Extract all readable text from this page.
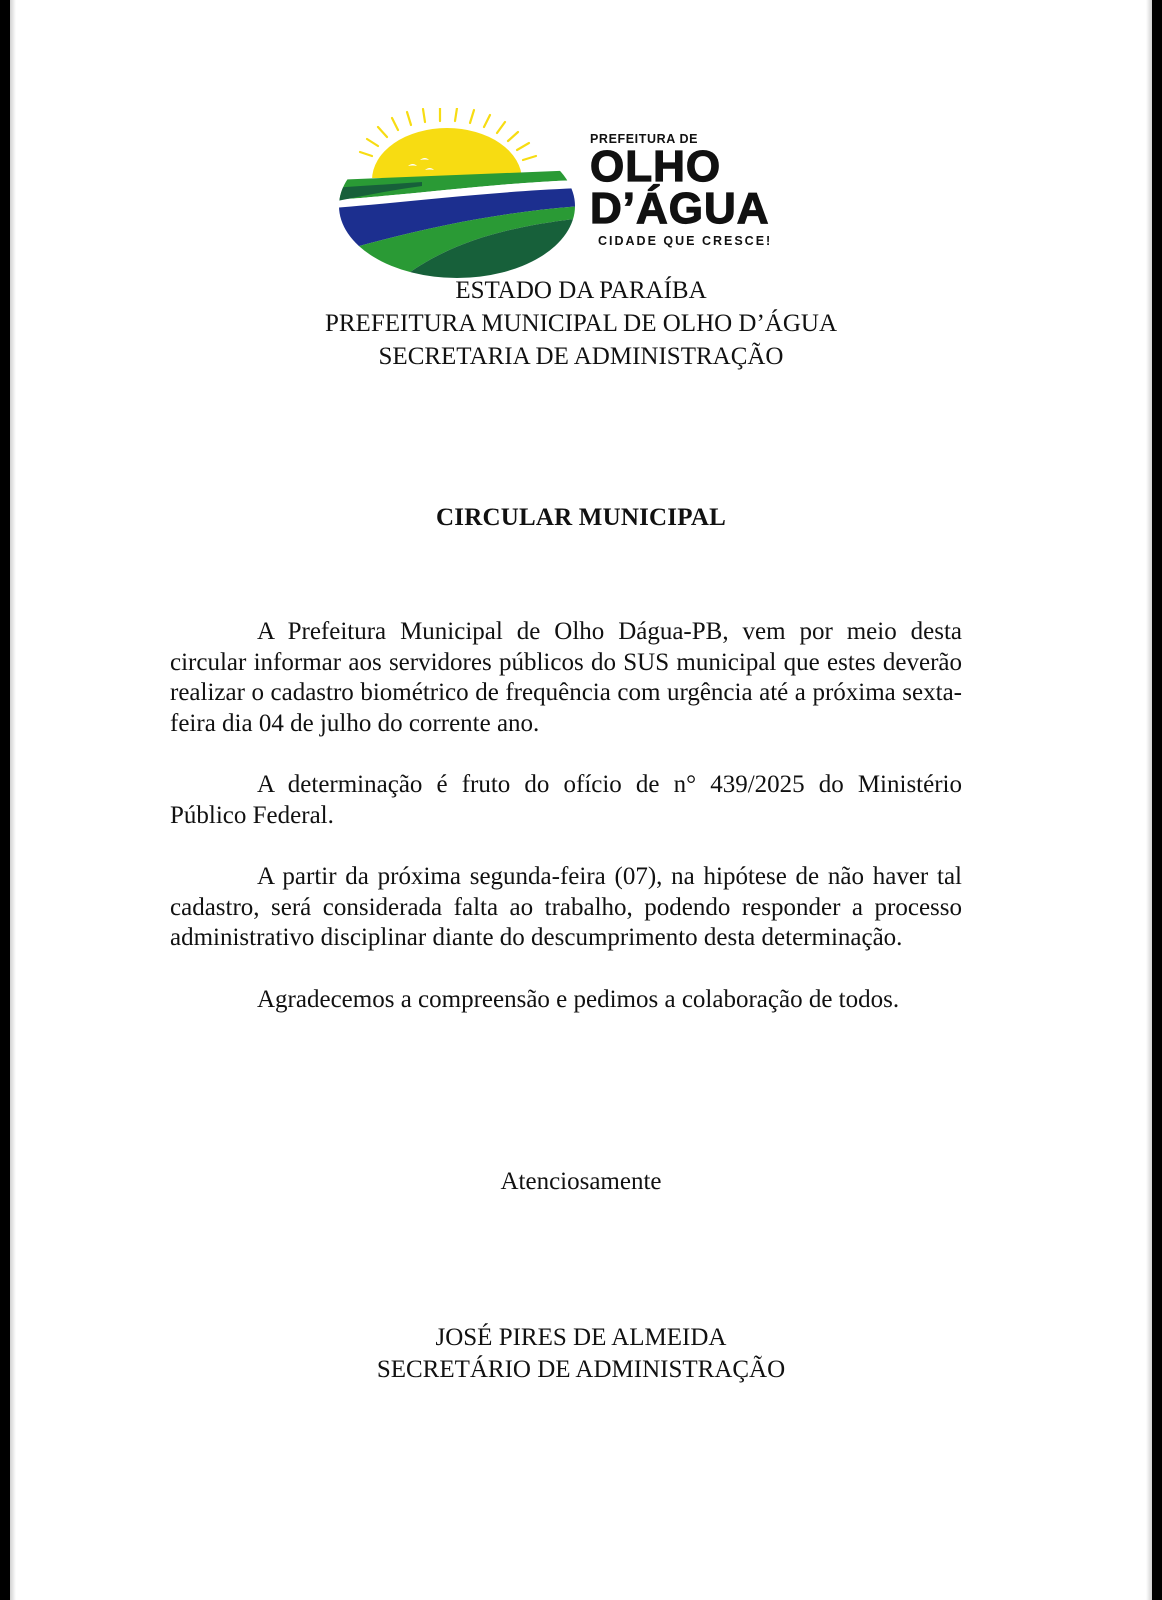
PREFEITURA DE
OLHO
D’ÁGUA
CIDADE QUE CRESCE!
ESTADO DA PARAÍBA
PREFEITURA MUNICIPAL DE OLHO D’ÁGUA
SECRETARIA DE ADMINISTRAÇÃO
CIRCULAR MUNICIPAL

A Prefeitura Municipal de Olho Dágua-PB, vem por meio desta circular informar aos servidores públicos do SUS municipal que estes deverão realizar o cadastro biométrico de frequência com urgência até a próxima sexta-feira dia 04 de julho do corrente ano.

A determinação é fruto do ofício de n° 439/2025 do Ministério Público Federal.

A partir da próxima segunda-feira (07), na hipótese de não haver tal cadastro, será considerada falta ao trabalho, podendo responder a processo administrativo disciplinar diante do descumprimento desta determinação.

Agradecemos a compreensão e pedimos a colaboração de todos.

Atenciosamente
JOSÉ PIRES DE ALMEIDA
SECRETÁRIO DE ADMINISTRAÇÃO
